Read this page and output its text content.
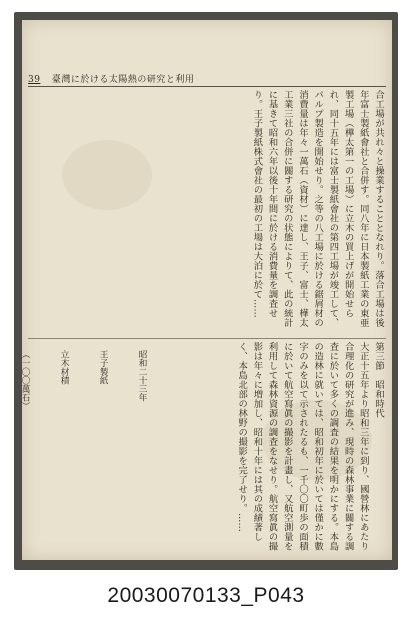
39 臺灣に於ける太陽熱の研究と利用
合工場が共れ々と操業することとなれり。落合工場は後年富士製紙會社と合併す。同八年に日本製紙工業の東亜製工場（樺太第一の工場）に立木の買上げが開始せられ、同十五年には富士製紙會社の第四工場が竣工して、パルプ製造を開始せり。之等の八工場に於ける鋸屑材の消費量は年々一萬石（資材）に達し、王子、富士、樺太工業三社の合併に關する研究の状態によりて、此の統計に基きて昭和六年以後十年間に於ける消費量を調査せり。王子製紙株式會社の最初の工場は大泊に於て……
第三節　昭和時代
大正十五年より昭和三年に到り、國營林にあたり合理化の研究が進み、現時の森林事業に關する調査に於いて多くの調査の結果を明かにする。本島の造林に就いては、昭和初年に於いては僅かに數字のみを以て示されたるも、一千〇〇町歩の面積に於いて航空寫眞の撮影を計畫し、又航空測量を利用して森林資源の調査をなせり。航空寫眞の撮影は年々に増加し、昭和十年には其の成績著しく、本島北部の林野の撮影を完了せり。……

昭和二十三年

王子製紙

立木材積

（一〇〇萬石）

20030070133_P043
